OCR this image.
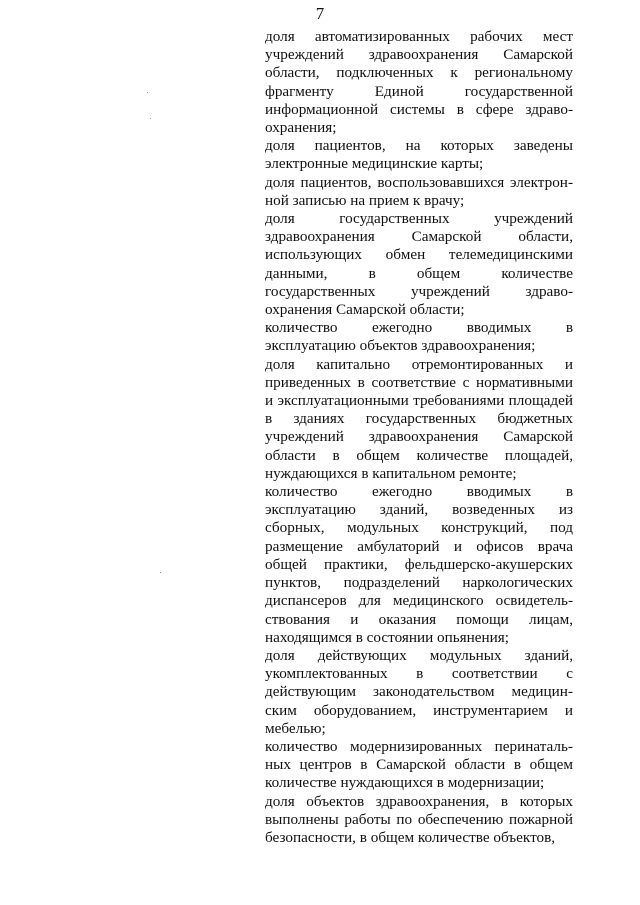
7
доля автоматизированных рабочих мест
учреждений здравоохранения Самарской
области, подключенных к региональному
фрагменту Единой государственной
информационной системы в сфере здраво-
охранения;
доля пациентов, на которых заведены
электронные медицинские карты;
доля пациентов, воспользовавшихся электрон-
ной записью на прием к врачу;
доля государственных учреждений
здравоохранения Самарской области,
использующих обмен телемедицинскими
данными, в общем количестве
государственных учреждений здраво-
охранения Самарской области;
количество ежегодно вводимых в
эксплуатацию объектов здравоохранения;
доля капитально отремонтированных и
приведенных в соответствие с нормативными
и эксплуатационными требованиями площадей
в зданиях государственных бюджетных
учреждений здравоохранения Самарской
области в общем количестве площадей,
нуждающихся в капитальном ремонте;
количество ежегодно вводимых в
эксплуатацию зданий, возведенных из
сборных, модульных конструкций, под
размещение амбулаторий и офисов врача
общей практики, фельдшерско-акушерских
пунктов, подразделений наркологических
диспансеров для медицинского освидетель-
ствования и оказания помощи лицам,
находящимся в состоянии опьянения;
доля действующих модульных зданий,
укомплектованных в соответствии с
действующим законодательством медицин-
ским оборудованием, инструментарием и
мебелью;
количество модернизированных перинаталь-
ных центров в Самарской области в общем
количестве нуждающихся в модернизации;
доля объектов здравоохранения, в которых
выполнены работы по обеспечению пожарной
безопасности, в общем количестве объектов,
